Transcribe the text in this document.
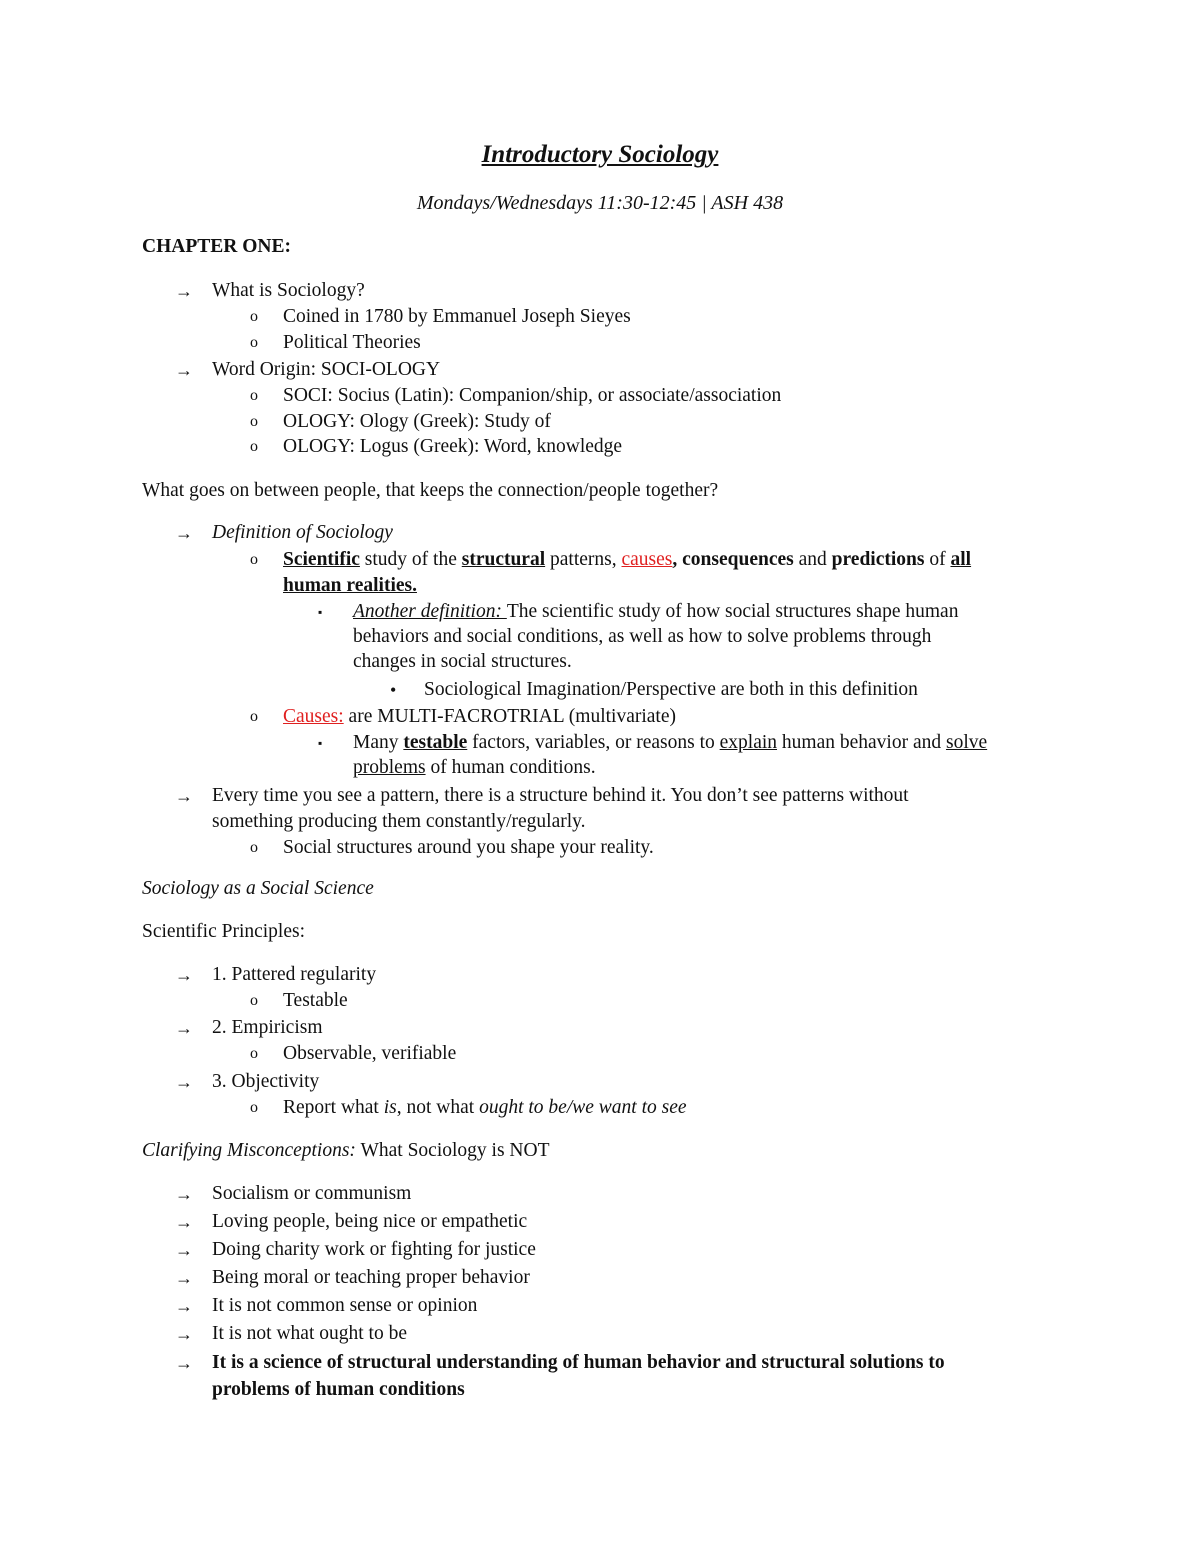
Introductory Sociology
Mondays/Wednesdays 11:30-12:45 | ASH 438
CHAPTER ONE:
→ What is Sociology?
o Coined in 1780 by Emmanuel Joseph Sieyes
o Political Theories
→ Word Origin: SOCI-OLOGY
o SOCI: Socius (Latin): Companion/ship, or associate/association
o OLOGY: Ology (Greek): Study of
o OLOGY: Logus (Greek): Word, knowledge
What goes on between people, that keeps the connection/people together?
→ Definition of Sociology
o Scientific study of the structural patterns, causes, consequences and predictions of all
human realities.
▪ Another definition: The scientific study of how social structures shape human
behaviors and social conditions, as well as how to solve problems through
changes in social structures.
• Sociological Imagination/Perspective are both in this definition
o Causes: are MULTI-FACROTRIAL (multivariate)
▪ Many testable factors, variables, or reasons to explain human behavior and solve
problems of human conditions.
→ Every time you see a pattern, there is a structure behind it. You don’t see patterns without
something producing them constantly/regularly.
o Social structures around you shape your reality.
Sociology as a Social Science
Scientific Principles:
→ 1. Pattered regularity
o Testable
→ 2. Empiricism
o Observable, verifiable
→ 3. Objectivity
o Report what is, not what ought to be/we want to see
Clarifying Misconceptions: What Sociology is NOT
→ Socialism or communism
→ Loving people, being nice or empathetic
→ Doing charity work or fighting for justice
→ Being moral or teaching proper behavior
→ It is not common sense or opinion
→ It is not what ought to be
→ It is a science of structural understanding of human behavior and structural solutions to
problems of human conditions
